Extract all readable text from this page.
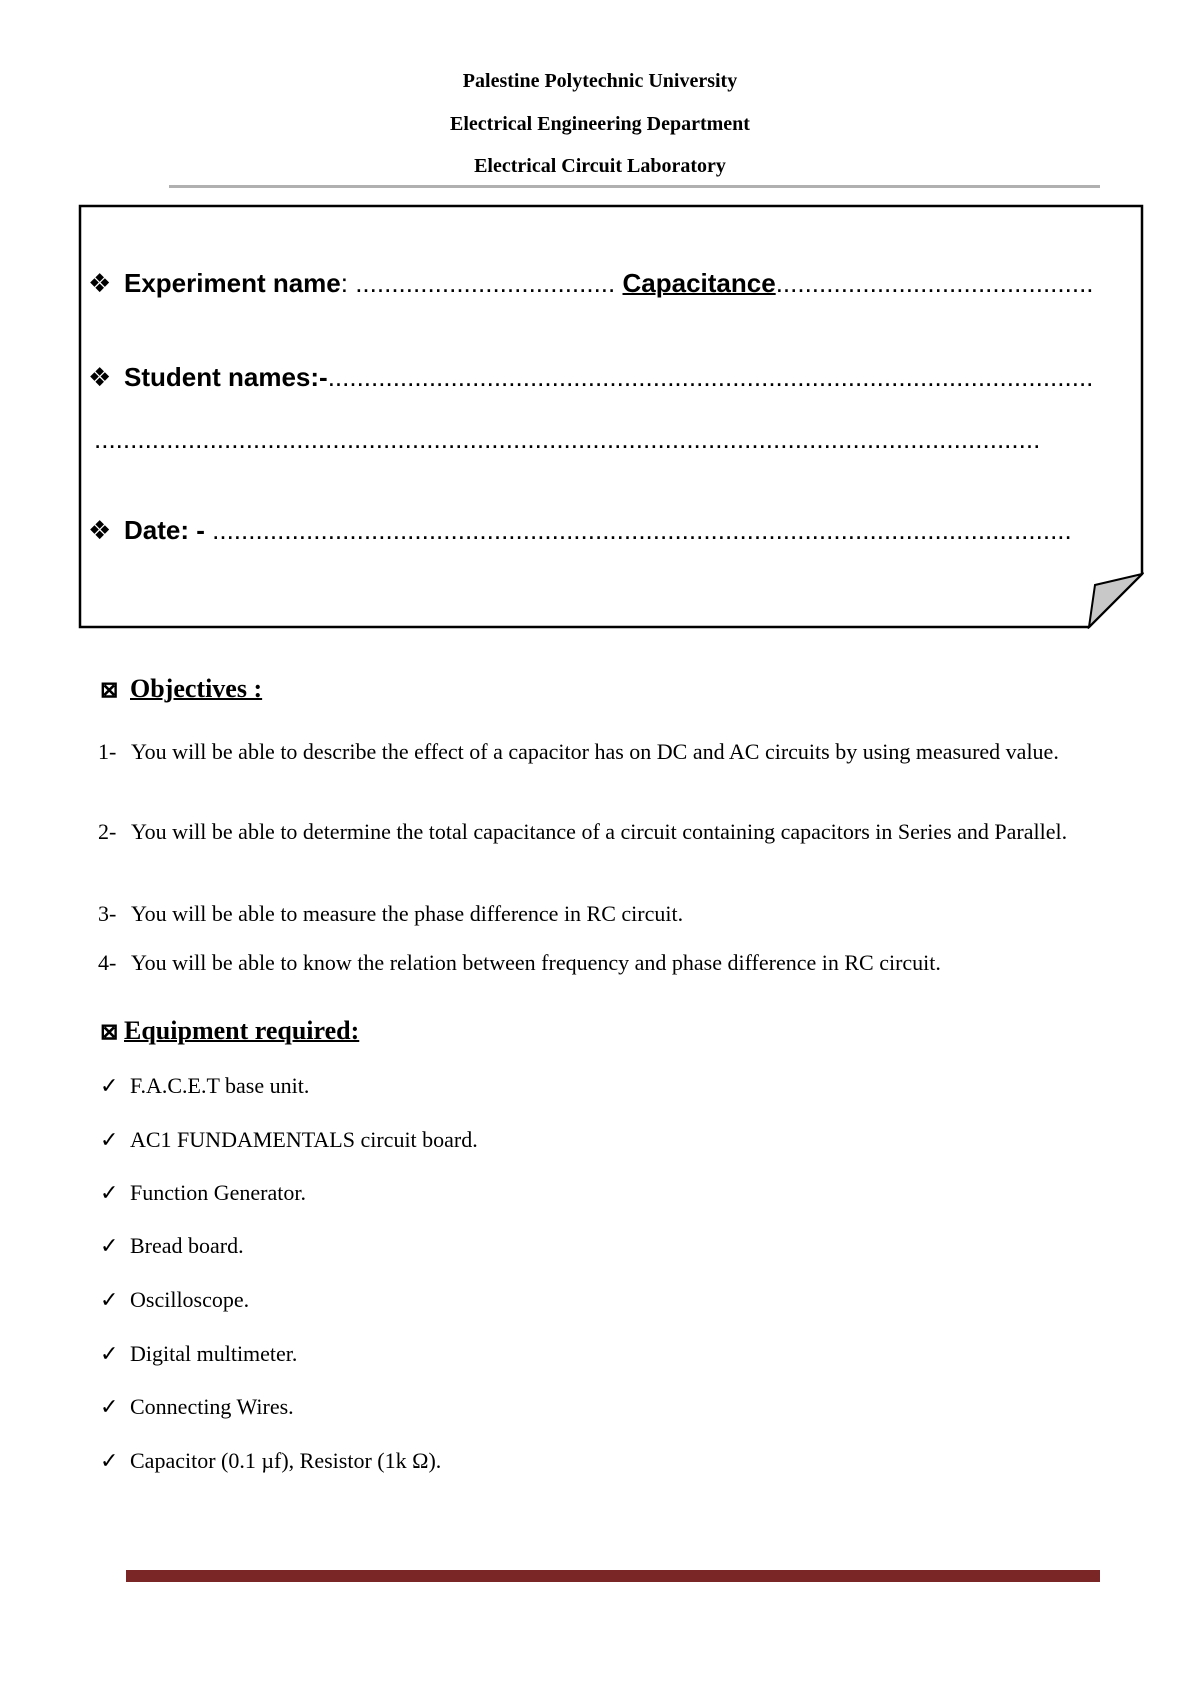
Palestine Polytechnic University
Electrical Engineering Department
Electrical Circuit Laboratory
❖ Experiment name: .................................... Capacitance............................................
❖ Student names:-..........................................................................................................
...................................................................................................................................
❖ Date: - .......................................................................................................................
⊠ Objectives :
1- You will be able to describe the effect of a capacitor has on DC and AC circuits by using measured value.
2- You will be able to determine the total capacitance of a circuit containing capacitors in Series and Parallel.
3- You will be able to measure the phase difference in RC circuit.
4- You will be able to know the relation between frequency and phase difference in RC circuit.
⊠ Equipment required:
✓ F.A.C.E.T base unit.
✓ AC1 FUNDAMENTALS circuit board.
✓ Function Generator.
✓ Bread board.
✓ Oscilloscope.
✓ Digital multimeter.
✓ Connecting Wires.
✓ Capacitor (0.1 µf), Resistor (1k Ω).
